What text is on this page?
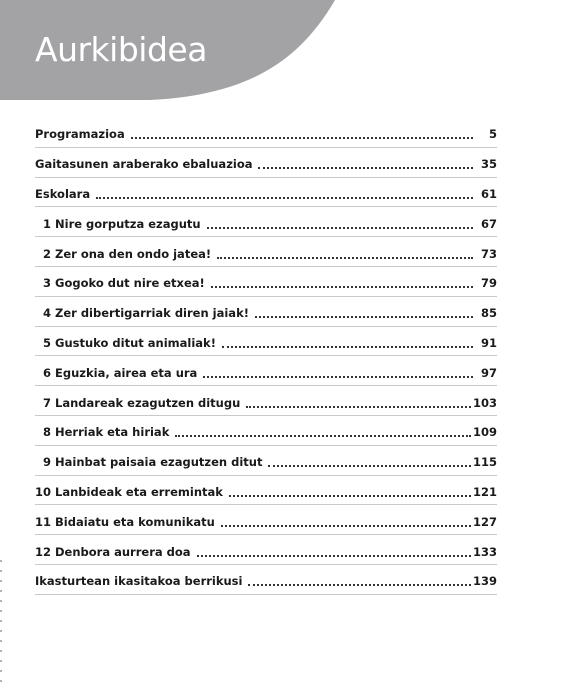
Aurkibidea
Programazioa	5
Gaitasunen araberako ebaluazioa	35
Eskolara	61
1 Nire gorputza ezagutu	67
2 Zer ona den ondo jatea!	73
3 Gogoko dut nire etxea!	79
4 Zer dibertigarriak diren jaiak!	85
5 Gustuko ditut animaliak!	91
6 Eguzkia, airea eta ura	97
7 Landareak ezagutzen ditugu	103
8 Herriak eta hiriak	109
9 Hainbat paisaia ezagutzen ditut	115
10 Lanbideak eta erremintak	121
11 Bidaiatu eta komunikatu	127
12 Denbora aurrera doa	133
Ikasturtean ikasitakoa berrikusi	139
